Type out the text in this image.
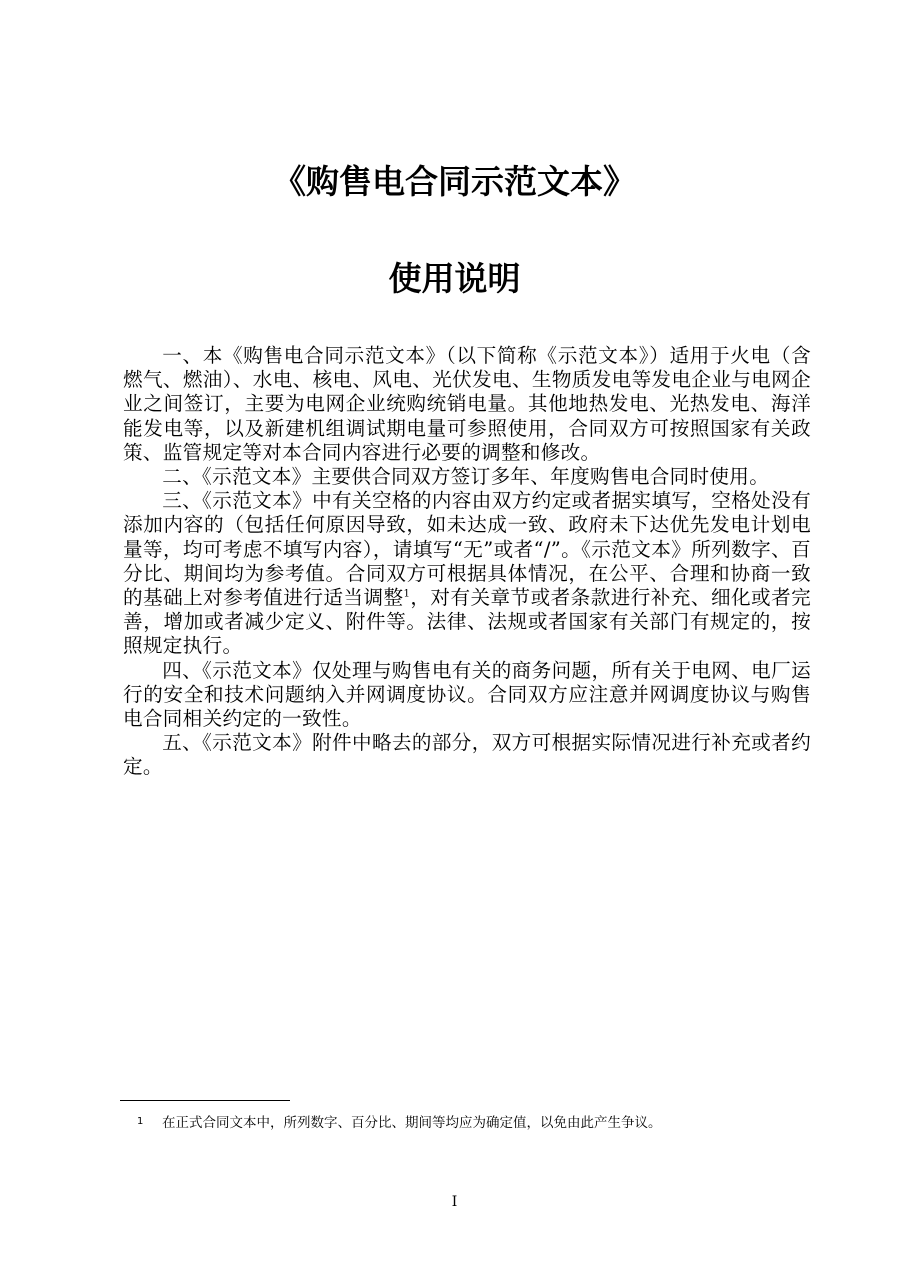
《购售电合同示范文本》
使用说明

一、本《购售电合同示范文本》（以下简称《示范文本》）适用于火电（含燃气、燃油）、水电、核电、风电、光伏发电、生物质发电等发电企业与电网企业之间签订，主要为电网企业统购统销电量。其他地热发电、光热发电、海洋能发电等，以及新建机组调试期电量可参照使用，合同双方可按照国家有关政策、监管规定等对本合同内容进行必要的调整和修改。

二、《示范文本》主要供合同双方签订多年、年度购售电合同时使用。

三、《示范文本》中有关空格的内容由双方约定或者据实填写，空格处没有添加内容的（包括任何原因导致，如未达成一致、政府未下达优先发电计划电量等，均可考虑不填写内容），请填写“无”或者“/”。《示范文本》所列数字、百分比、期间均为参考值。合同双方可根据具体情况，在公平、合理和协商一致的基础上对参考值进行适当调整$^1$，对有关章节或者条款进行补充、细化或者完善，增加或者减少定义、附件等。法律、法规或者国家有关部门有规定的，按照规定执行。

四、《示范文本》仅处理与购售电有关的商务问题，所有关于电网、电厂运行的安全和技术问题纳入并网调度协议。合同双方应注意并网调度协议与购售电合同相关约定的一致性。

五、《示范文本》附件中略去的部分，双方可根据实际情况进行补充或者约定。

1 在正式合同文本中，所列数字、百分比、期间等均应为确定值，以免由此产生争议。
I
